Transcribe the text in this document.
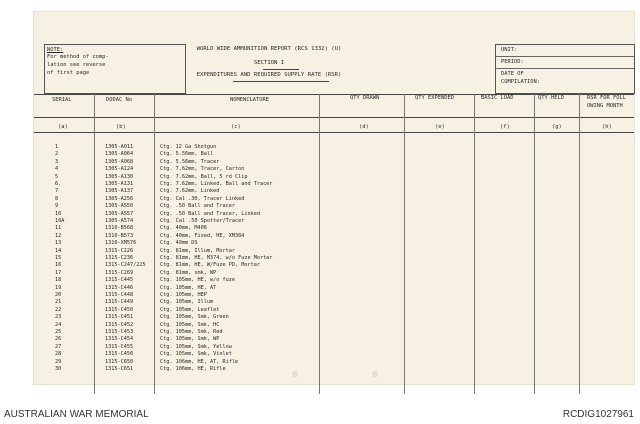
NOTE:
For method of comp-
lation see reverse
of first page
WORLD WIDE AMMUNITION REPORT (RCS 1332) (U)
SECTION I
EXPENDITURES AND REQUIRED SUPPLY RATE (RSR)
UNIT:
PERIOD:
DATE OF
COMPILATION:
SERIAL	DODAC No	NOMENCLATURE	QTY DRAWN	QTY EXPENDED	BASIC LOAD	QTY HELD	RSR FOR FOLL
OWING MONTH
(a)	(b)	(c)	(d)	(e)	(f)	(g)	(h)
1	1305-A011	Ctg. 12 Ga Shotgun
2	1305-A064	Ctg. 5.56mm, Ball
3	1305-A068	Ctg. 5.56mm, Tracer
4	1305-A124	Ctg. 7.62mm, Tracer, Carton
5	1305-A130	Ctg. 7.62mm, Ball, 5 rd Clip
6.	1305-A131	Ctg. 7.62mm, Linked, Ball and Tracer
7	1305-A137	Ctg. 7.62mm, Linked
8	1305-A256	Ctg. Cal .30, Tracer Linked
9	1305-A550	Ctg. .50 Ball and Tracer
10	1305-A557	Ctg. .50 Ball and Tracer, Linked
10A	1305-A574	Ctg. Cal .50 Spotter/Tracer
11	1310-B568	Ctg. 40mm, M406
12	1310-B573	Ctg. 40mm, Fixed, HE, XM384
13	1310-XM576	Ctg. 40mm DS
14	1315-C226	Ctg. 81mm, Illum, Mortar
15	1315-C236	Ctg. 81mm, HE, M374, w/o Fuze Mortar
16	1315-C247/225	Ctg. 81mm, HE, W/Fuze PD, Mortar
17	1315-C269	Ctg. 81mm, smk, WP
18	1315-C445	Ctg. 105mm, HE, w/o fuze
19	1315-C446	Ctg. 105mm, HE, AT
20	1315-C448	Ctg. 105mm, HEP
21	1315-C449	Ctg. 105mm, Illum
22	1315-C450	Ctg. 105mm, Leaflet
23	1315-C451	Ctg. 105mm, Smk, Green
24	1315-C452	Ctg. 105mm, Smk, HC
25	1315-C453	Ctg. 105mm, Smk, Red
26	1315-C454	Ctg. 105mm, Smk, WP
27	1315-C455	Ctg. 105mm, Smk, Yellow
28	1315-C456	Ctg. 105mm, Smk, Violet
29	1315-C650	Ctg. 106mm, HE, AT, Rifle
30	1315-C651	Ctg. 106mm, HE, Rifle
AUSTRALIAN WAR MEMORIAL	RCDIG1027961
